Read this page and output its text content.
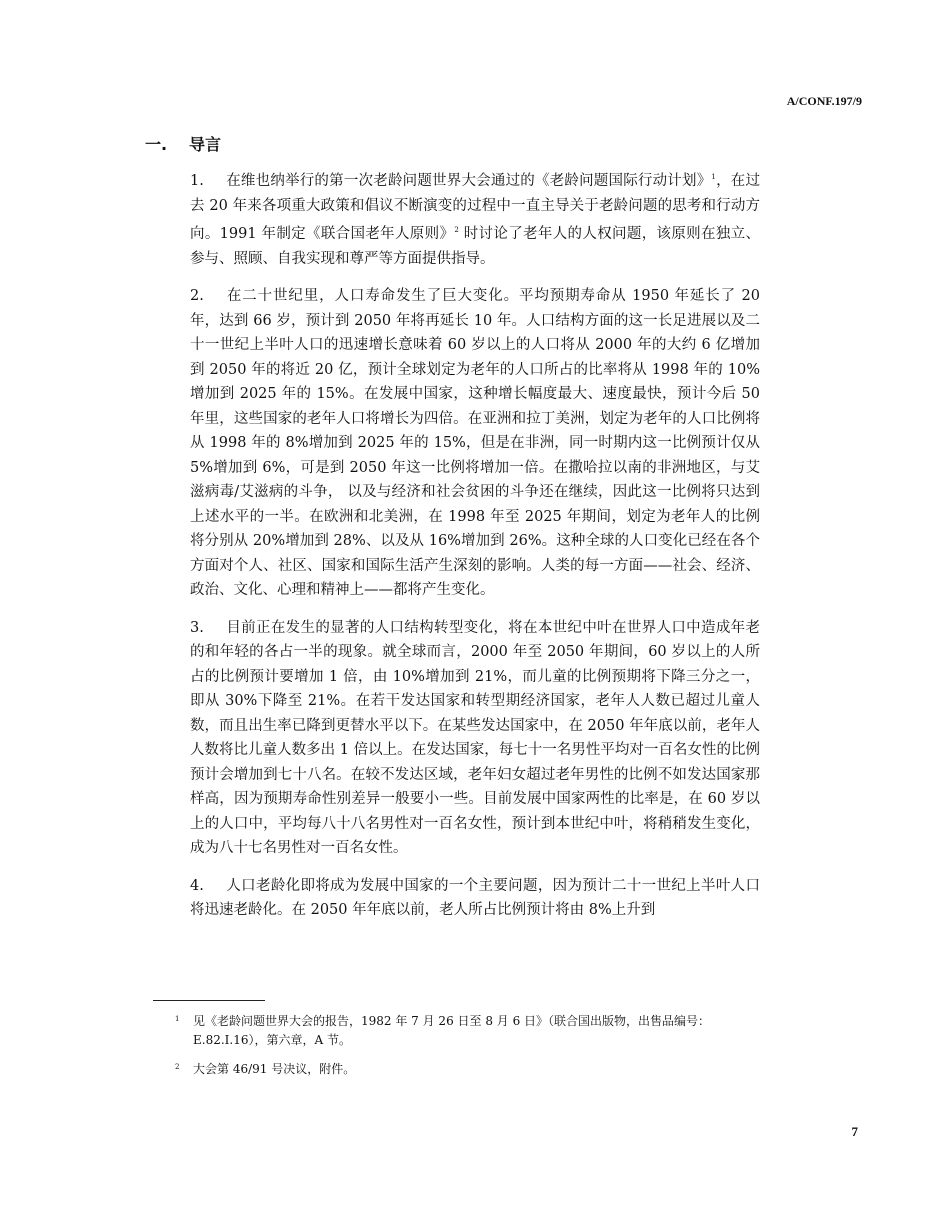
A/CONF.197/9
一. 导言

1. 在维也纳举行的第一次老龄问题世界大会通过的《老龄问题国际行动计划》$^1$，在过去 20 年来各项重大政策和倡议不断演变的过程中一直主导关于老龄问题的思考和行动方向。1991 年制定《联合国老年人原则》$^2$ 时讨论了老年人的人权问题，该原则在独立、参与、照顾、自我实现和尊严等方面提供指导。

2. 在二十世纪里，人口寿命发生了巨大变化。平均预期寿命从 1950 年延长了 20 年，达到 66 岁，预计到 2050 年将再延长 10 年。人口结构方面的这一长足进展以及二十一世纪上半叶人口的迅速增长意味着 60 岁以上的人口将从 2000 年的大约 6 亿增加到 2050 年的将近 20 亿，预计全球划定为老年的人口所占的比率将从 1998 年的 10%增加到 2025 年的 15%。在发展中国家，这种增长幅度最大、速度最快，预计今后 50 年里，这些国家的老年人口将增长为四倍。在亚洲和拉丁美洲，划定为老年的人口比例将从 1998 年的 8%增加到 2025 年的 15%，但是在非洲，同一时期内这一比例预计仅从 5%增加到 6%，可是到 2050 年这一比例将增加一倍。在撒哈拉以南的非洲地区，与艾滋病毒/艾滋病的斗争， 以及与经济和社会贫困的斗争还在继续，因此这一比例将只达到上述水平的一半。在欧洲和北美洲，在 1998 年至 2025 年期间，划定为老年人的比例将分别从 20%增加到 28%、以及从 16%增加到 26%。这种全球的人口变化已经在各个方面对个人、社区、国家和国际生活产生深刻的影响。人类的每一方面——社会、经济、政治、文化、心理和精神上——都将产生变化。

3. 目前正在发生的显著的人口结构转型变化，将在本世纪中叶在世界人口中造成年老的和年轻的各占一半的现象。就全球而言，2000 年至 2050 年期间，60 岁以上的人所占的比例预计要增加 1 倍，由 10%增加到 21%，而儿童的比例预期将下降三分之一，即从 30%下降至 21%。在若干发达国家和转型期经济国家，老年人人数已超过儿童人数，而且出生率已降到更替水平以下。在某些发达国家中，在 2050 年年底以前，老年人人数将比儿童人数多出 1 倍以上。在发达国家，每七十一名男性平均对一百名女性的比例预计会增加到七十八名。在较不发达区域，老年妇女超过老年男性的比例不如发达国家那样高，因为预期寿命性别差异一般要小一些。目前发展中国家两性的比率是，在 60 岁以上的人口中，平均每八十八名男性对一百名女性，预计到本世纪中叶，将稍稍发生变化，成为八十七名男性对一百名女性。

4. 人口老龄化即将成为发展中国家的一个主要问题，因为预计二十一世纪上半叶人口将迅速老龄化。在 2050 年年底以前，老人所占比例预计将由 8%上升到

1 见《老龄问题世界大会的报告，1982 年 7 月 26 日至 8 月 6 日》（联合国出版物，出售品编号：E.82.I.16），第六章，A 节。
2 大会第 46/91 号决议，附件。
7
